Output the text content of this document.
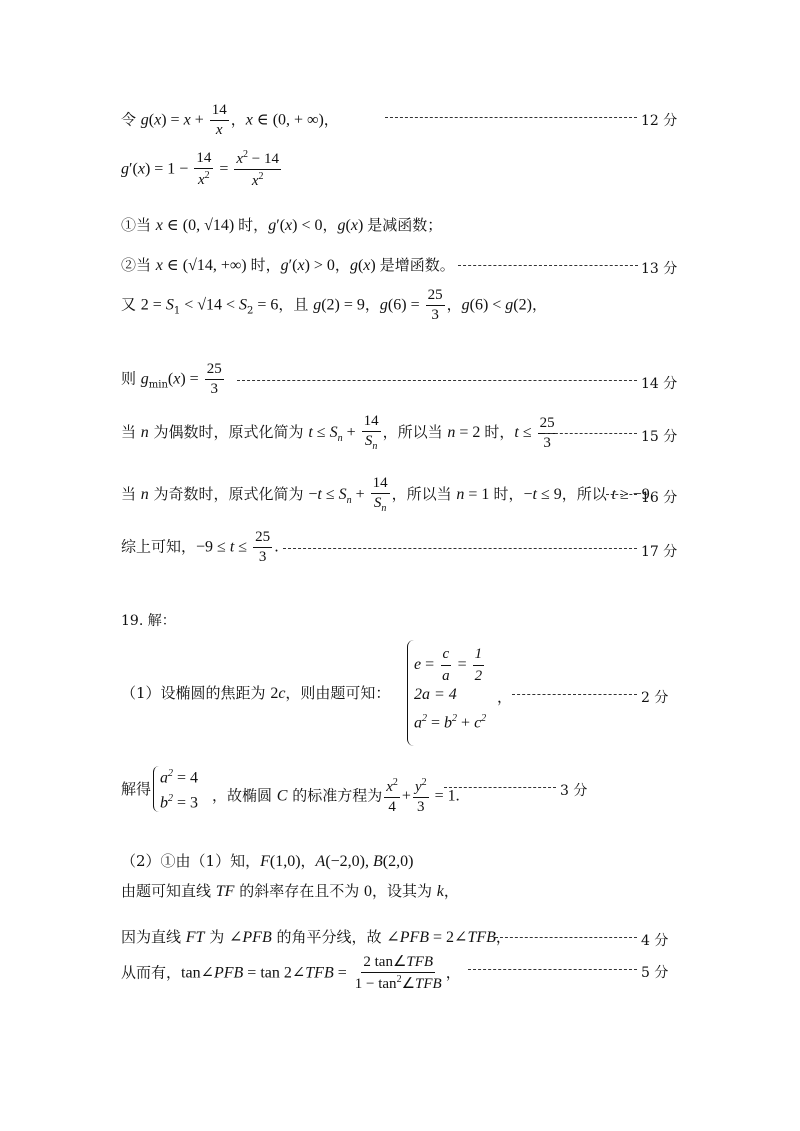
令 $g(x) = x + \frac{14}{x}$ ，x ∈ (0, + ∞)，	12 分
$g'(x) = 1 - \frac{14}{x^2} = \frac{x^2 - 14}{x^2}$
①当 x ∈ (0, √14) 时，g′(x) < 0，g(x) 是减函数；
②当 x ∈ (√14, +∞) 时，g′(x) > 0，g(x) 是增函数。	13 分
又 $2 = S_1 < √14 < S_2 = 6$，且 g(2) = 9，$g(6) = \frac{25}{3}$ ，g(6) < g(2)，
则 $g_{min}(x) = \frac{25}{3}$	14 分
当 n 为偶数时，原式化简为 $t \le S_n + \frac{14}{S_n}$ ，所以当 n = 2 时，$t \le \frac{25}{3}$	15 分
当 n 为奇数时，原式化简为 $-t \le S_n + \frac{14}{S_n}$ ，所以当 n = 1 时，−t ≤ 9，所以 t ≥ −9
16 分
综上可知，$-9 \le t \le \frac{25}{3}$ .	17 分
19. 解：
（1）设椭圆的焦距为 2c，则由题可知：
$e = \frac{c}{a} = \frac{1}{2}$
2a = 4
$a^2 = b^2 + c^2$
，	2 分
解得
$a^2 = 4$
$b^2 = 3$ ，故椭圆 C 的标准方程为 $\frac{x^2}{4} + \frac{y^2}{3} = 1$.	3 分
（2）①由（1）知，F(1,0)，A(−2,0), B(2,0)
由题可知直线 TF 的斜率存在且不为 0，设其为 k，
因为直线 FT 为 ∠PFB 的角平分线，故 ∠PFB = 2∠TFB，	4 分
从而有，tan∠PFB = tan 2∠TFB = $\frac{\text{2 tan∠TFB}}{1 - \tan^2\angle TFB}$ ，	5 分
